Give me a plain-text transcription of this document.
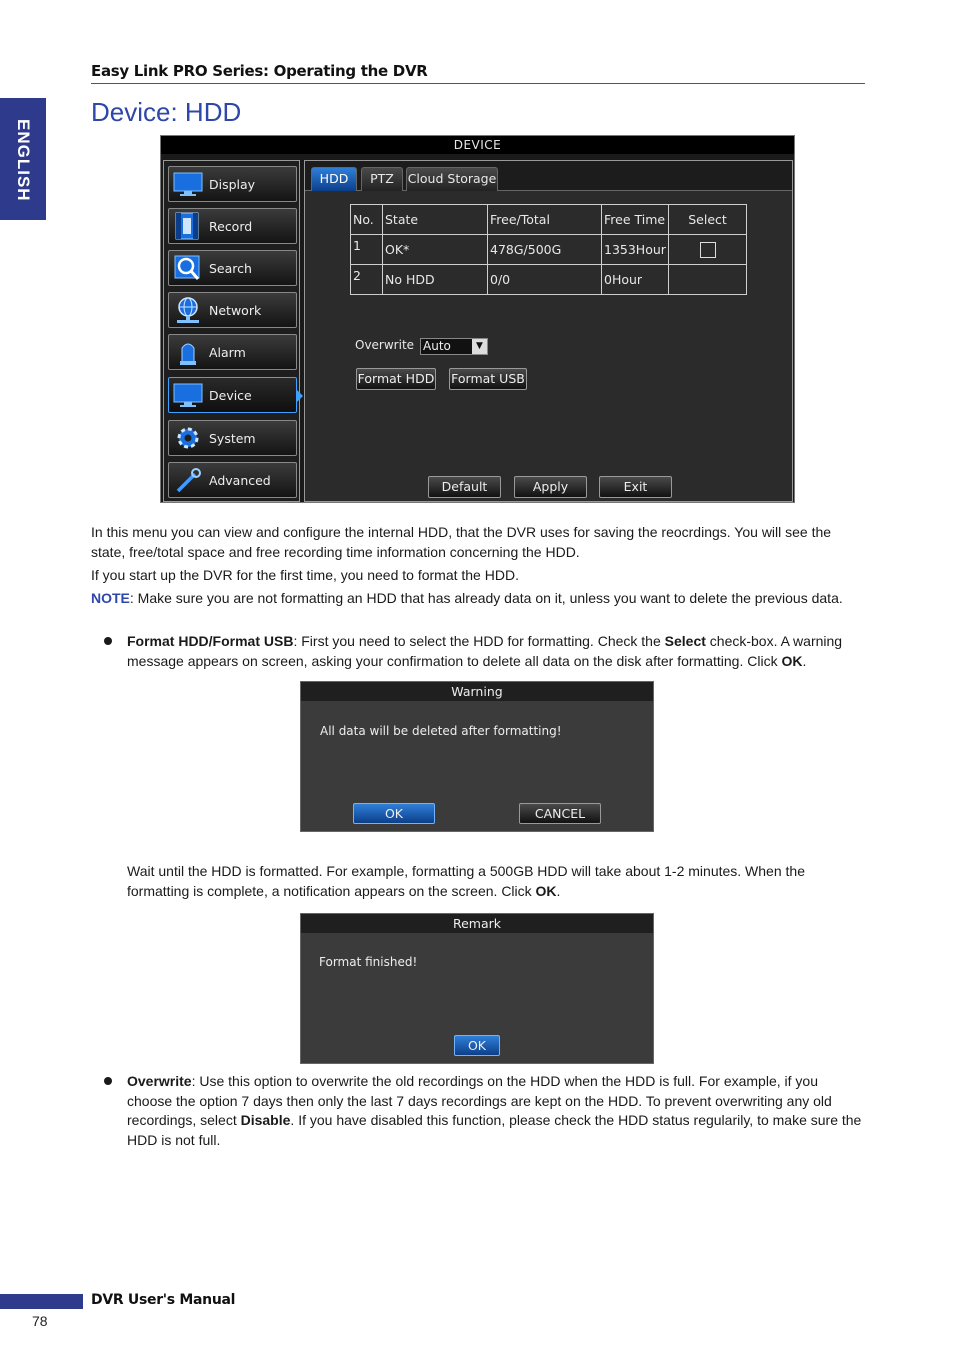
Easy Link PRO Series: Operating the DVR
ENGLISH
Device: HDD
DEVICE
Display
Record
Search
Network
Alarm
Device
System
Advanced
HDD	PTZ	Cloud Storage
No.	State	Free/Total	Free Time	Select
1	OK*	478G/500G	1353Hour	
2	No HDD	0/0	0Hour	
Overwrite Auto	▼
Format HDD Format USB
Default	Apply	Exit

In this menu you can view and configure the internal HDD, that the DVR uses for saving the reocrdings. You will see the state, free/total space and free recording time information concerning the HDD.

If you start up the DVR for the first time, you need to format the HDD.

NOTE: Make sure you are not formatting an HDD that has already data on it, unless you want to delete the previous data.

Format HDD/Format USB: First you need to select the HDD for formatting. Check the Select check-box. A warning message appears on screen, asking your confirmation to delete all data on the disk after formatting. Click OK.

Warning
All data will be deleted after formatting!
OK	CANCEL

Wait until the HDD is formatted. For example, formatting a 500GB HDD will take about 1-2 minutes. When the formatting is complete, a notification appears on the screen. Click OK.

Remark
Format finished!
OK

Overwrite: Use this option to overwrite the old recordings on the HDD when the HDD is full. For example, if you choose the option 7 days then only the last 7 days recordings are kept on the HDD. To prevent overwriting any old recordings, select Disable. If you have disabled this function, please check the HDD status regularily, to make sure the HDD is not full.

DVR User's Manual
78
